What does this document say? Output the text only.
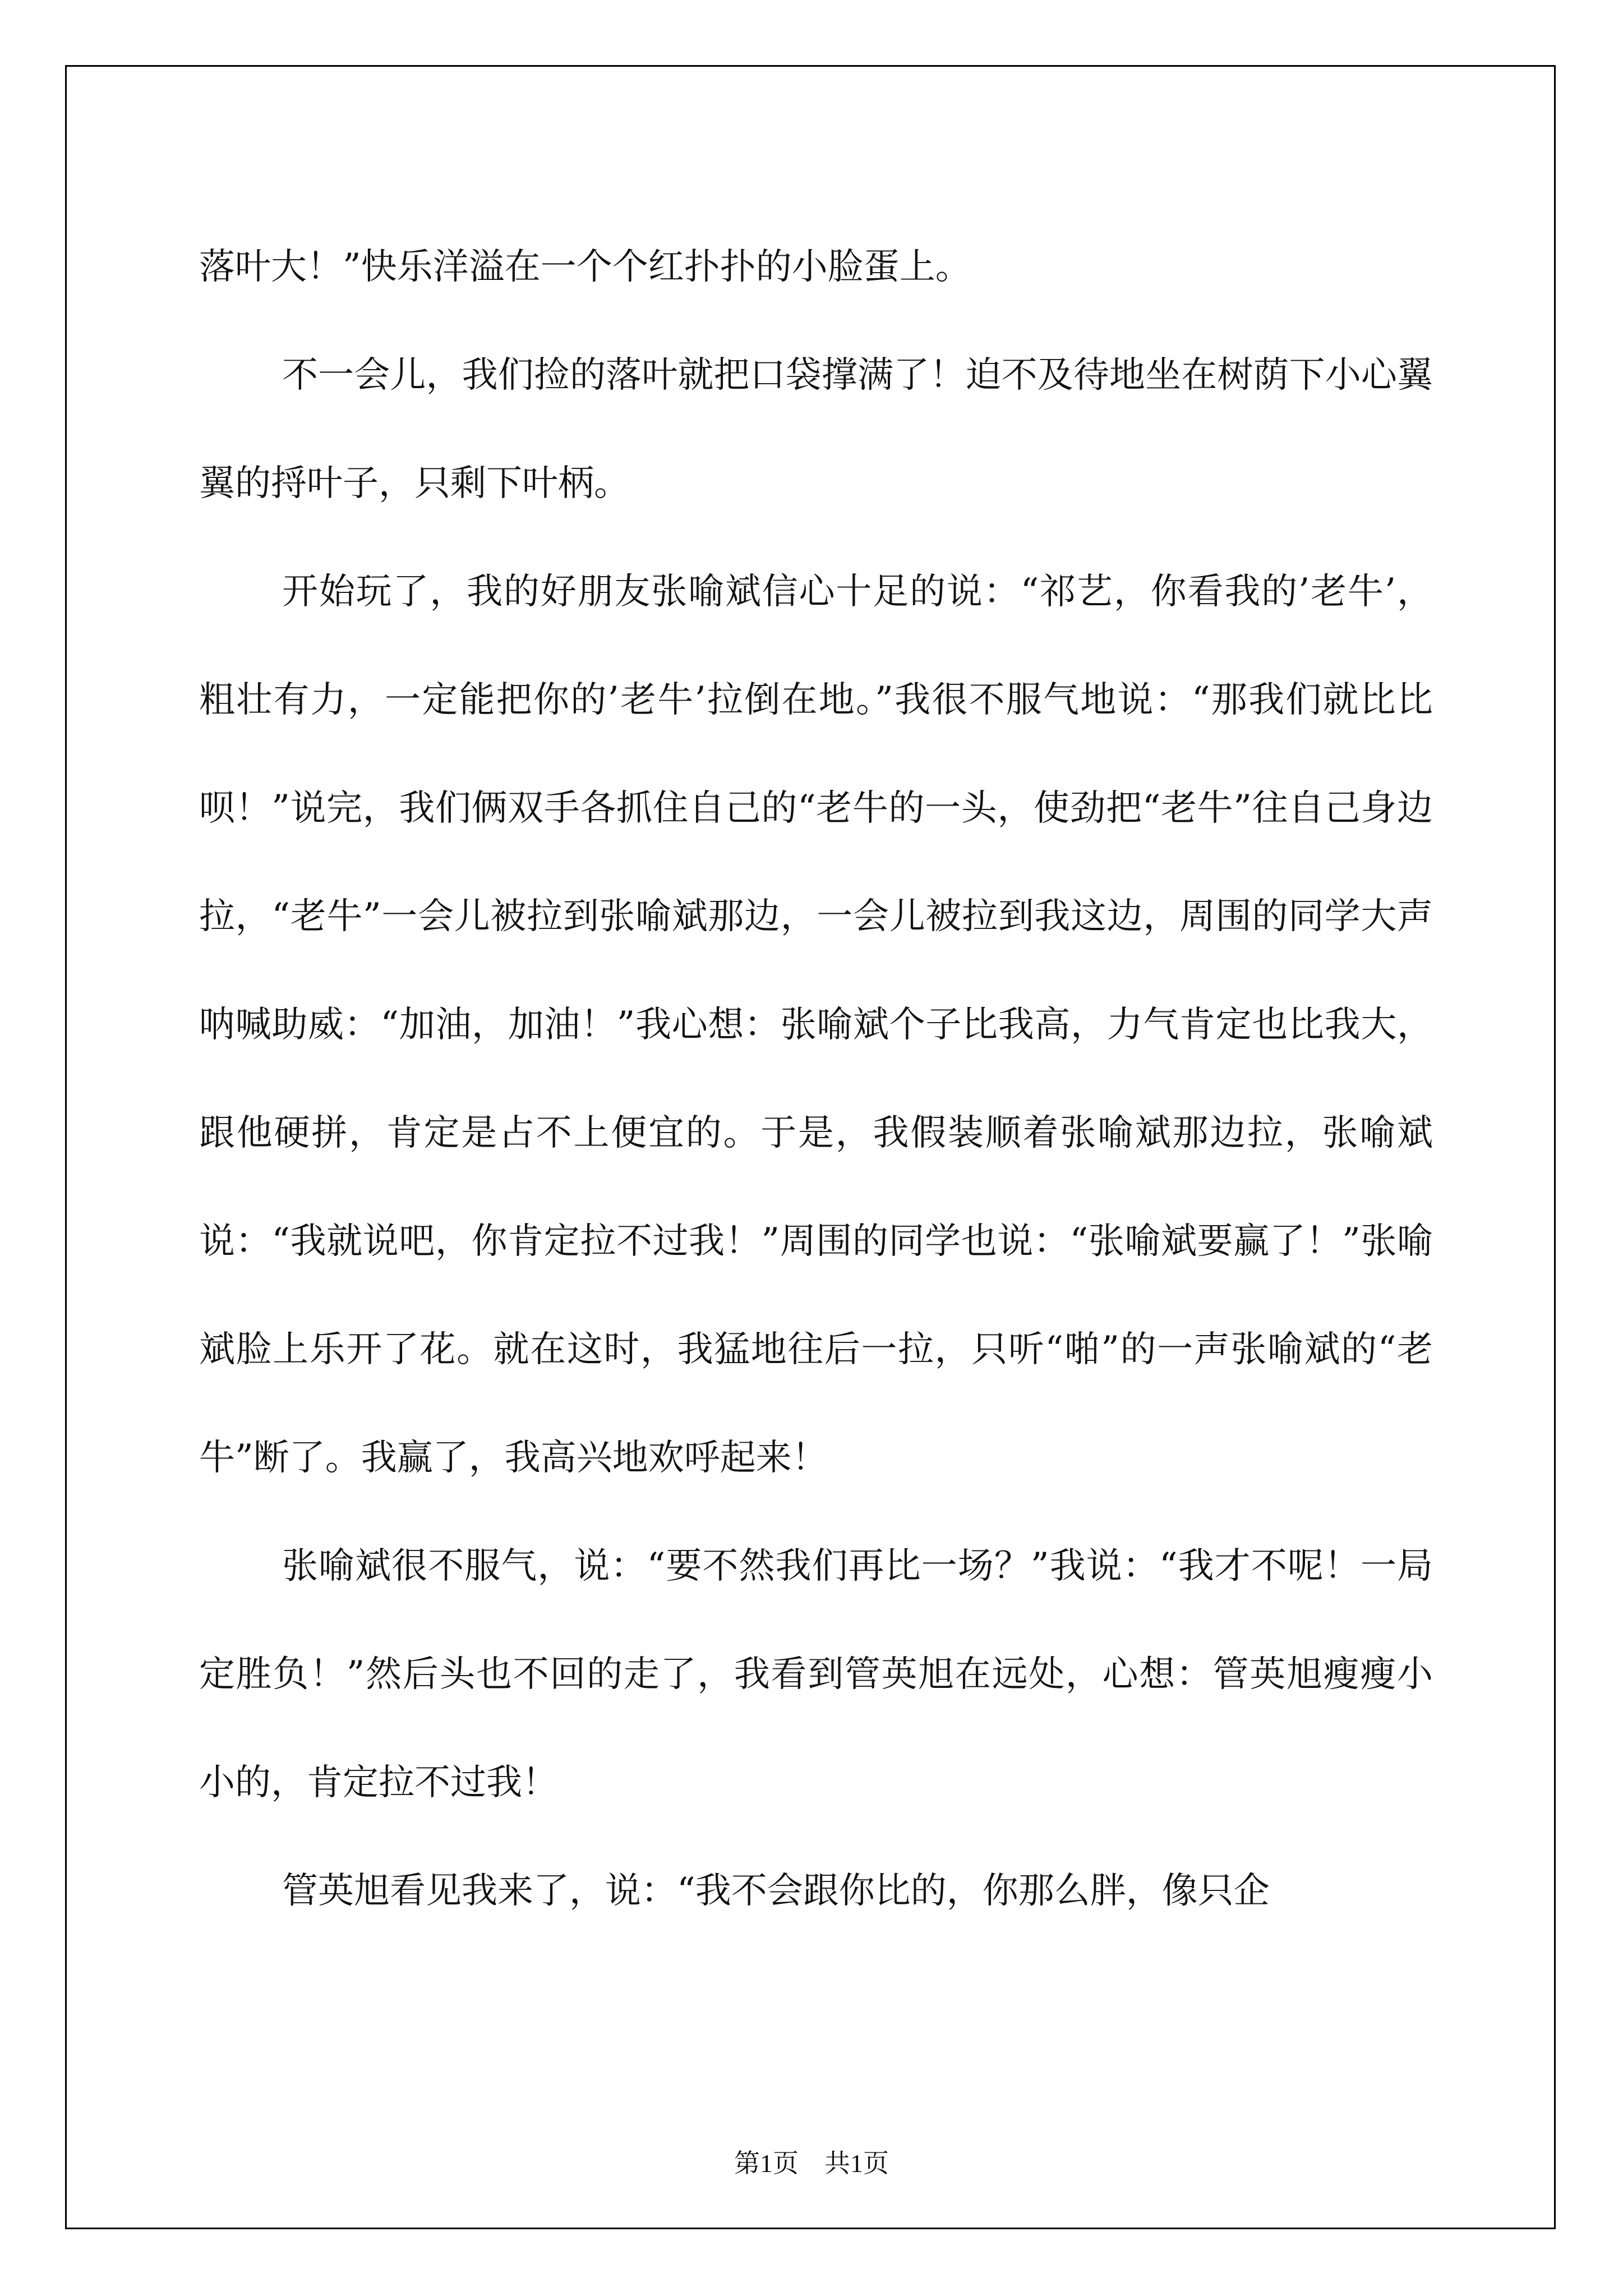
落叶大！”快乐洋溢在一个个红扑扑的小脸蛋上。

不一会儿，我们捡的落叶就把口袋撑满了！迫不及待地坐在树荫下小心翼翼的捋叶子，只剩下叶柄。

开始玩了，我的好朋友张喻斌信心十足的说：“祁艺，你看我的’老牛’，粗壮有力，一定能把你的’老牛’拉倒在地。”我很不服气地说：“那我们就比比呗！”说完，我们俩双手各抓住自己的“老牛的一头，使劲把“老牛”往自己身边拉，“老牛”一会儿被拉到张喻斌那边，一会儿被拉到我这边，周围的同学大声呐喊助威：“加油，加油！”我心想：张喻斌个子比我高，力气肯定也比我大，跟他硬拼，肯定是占不上便宜的。于是，我假装顺着张喻斌那边拉，张喻斌说：“我就说吧，你肯定拉不过我！”周围的同学也说：“张喻斌要赢了！”张喻斌脸上乐开了花。就在这时，我猛地往后一拉，只听“啪”的一声张喻斌的“老牛”断了。我赢了，我高兴地欢呼起来！

张喻斌很不服气，说：“要不然我们再比一场？”我说：“我才不呢！一局定胜负！”然后头也不回的走了，我看到管英旭在远处，心想：管英旭瘦瘦小小的，肯定拉不过我！

管英旭看见我来了，说：“我不会跟你比的，你那么胖，像只企

第1页　共1页
